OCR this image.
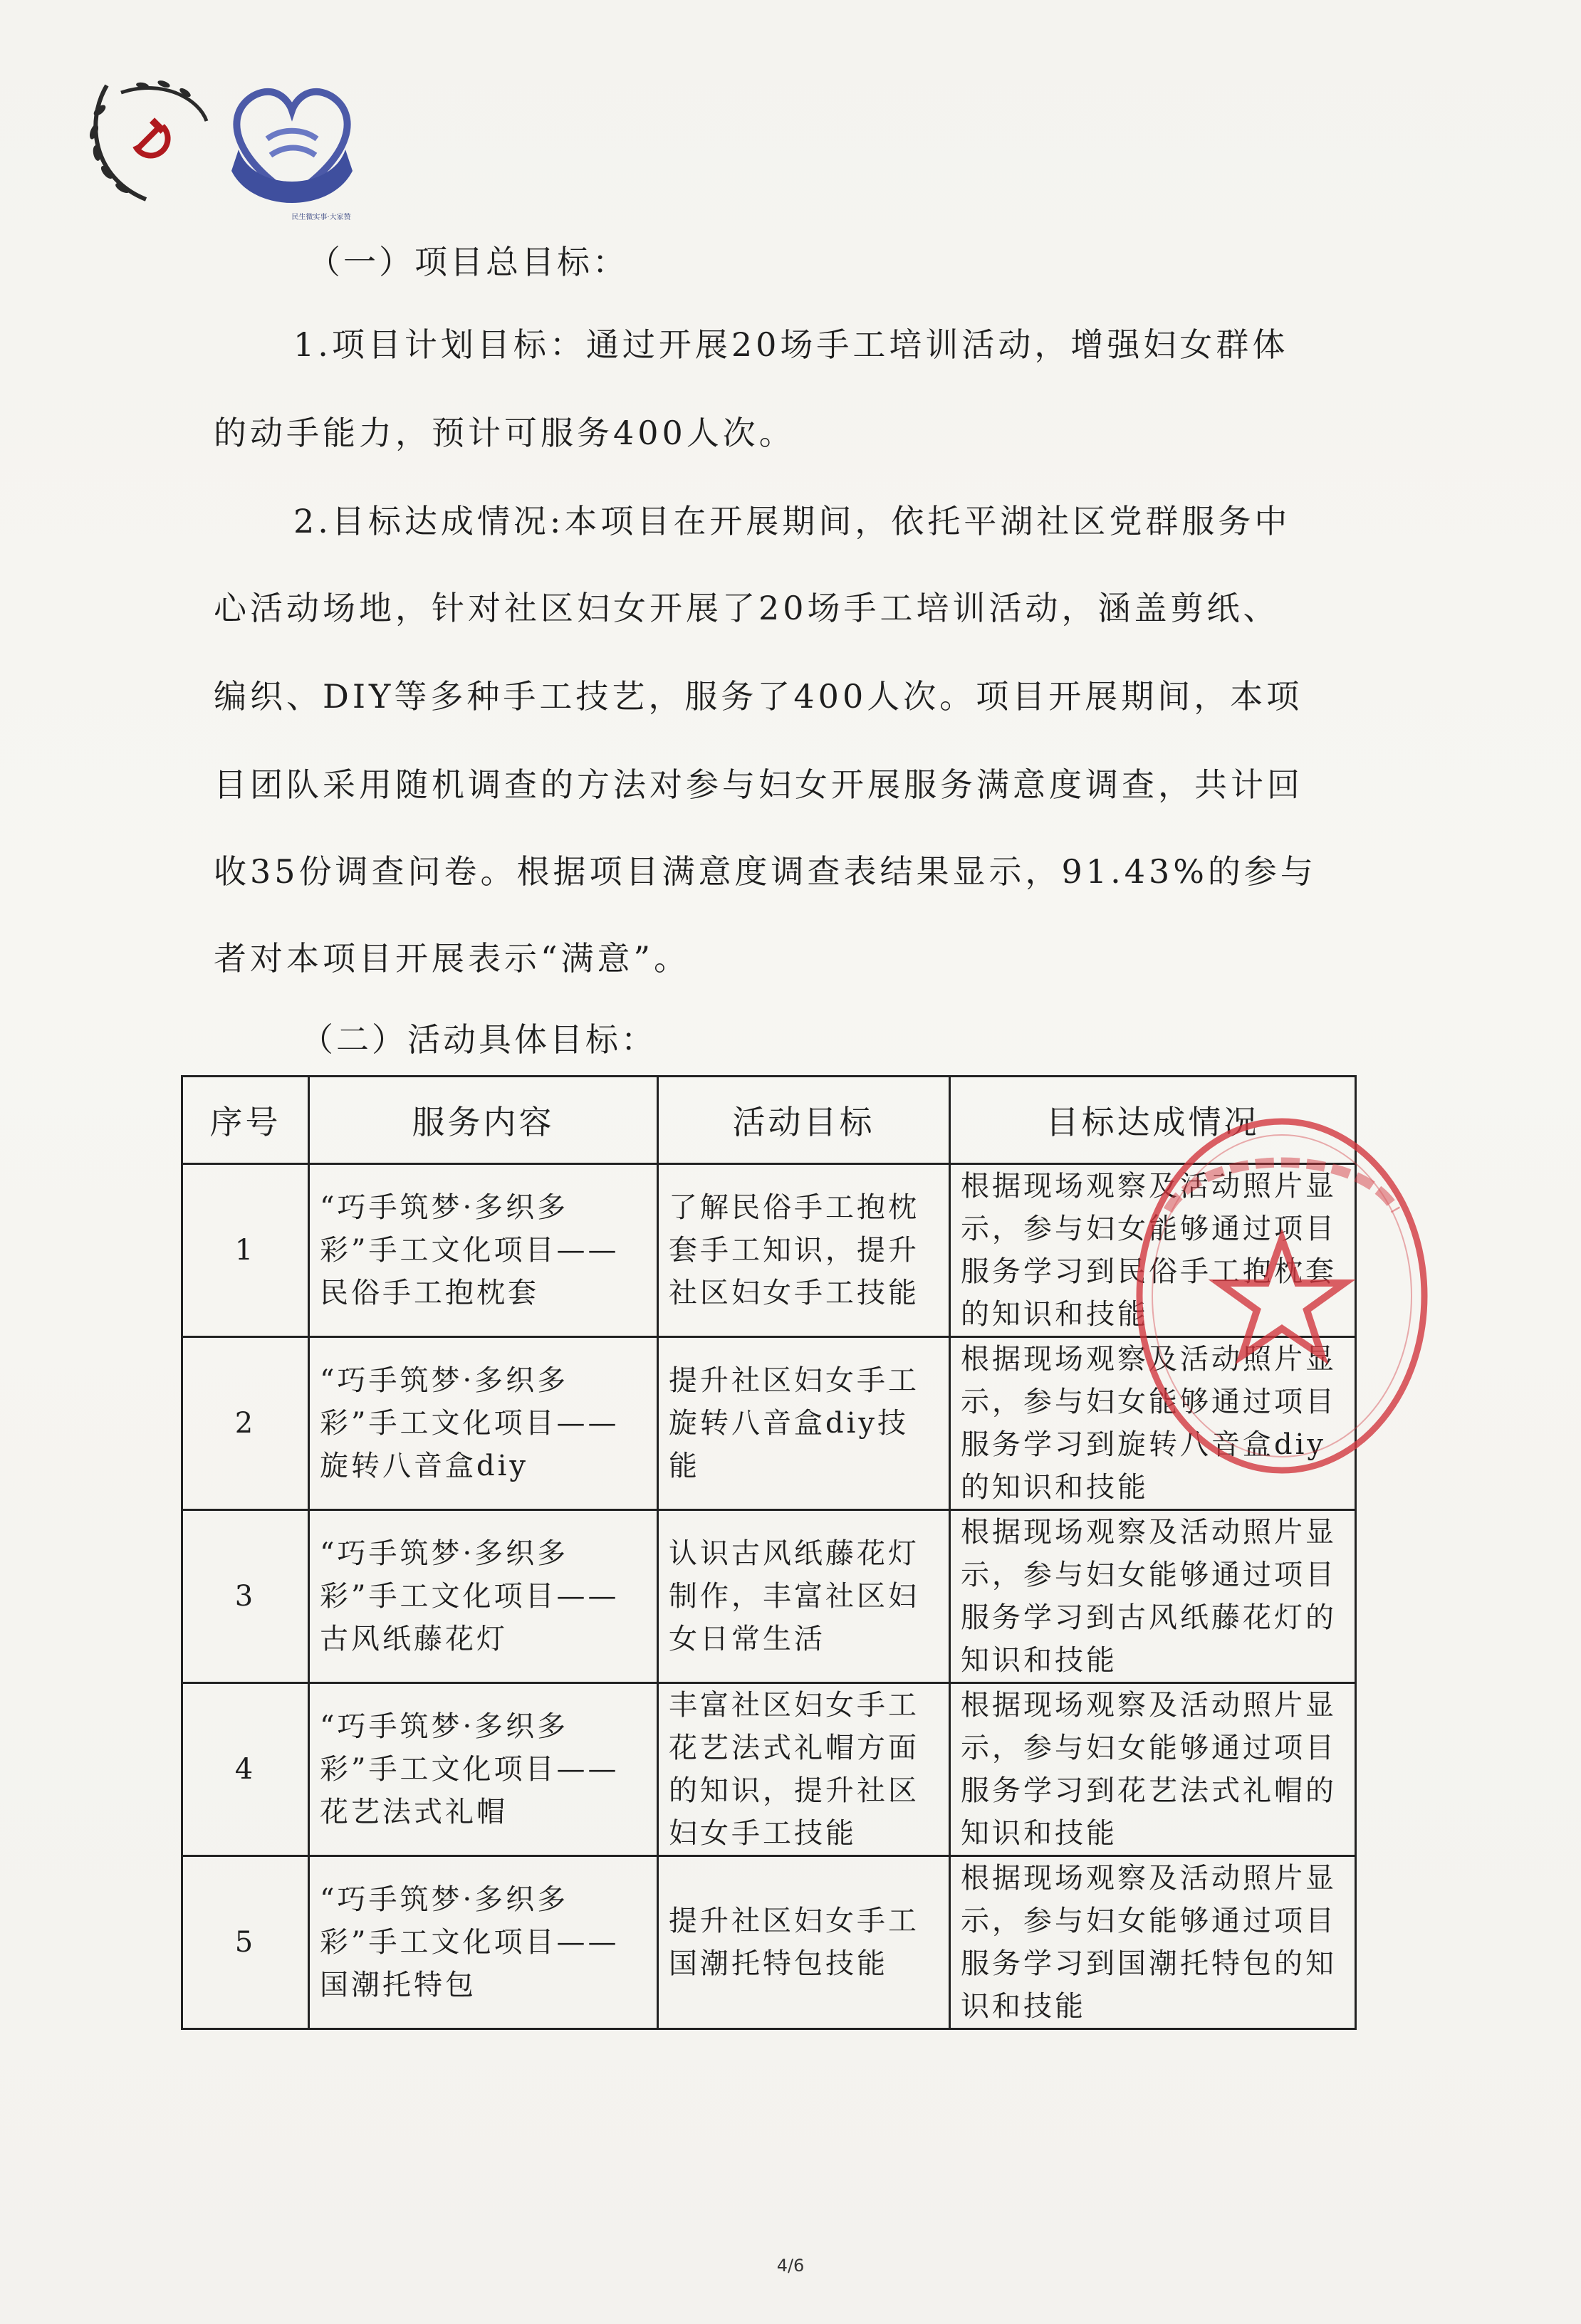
民生微实事·大家赞
（一）项目总目标：
1.项目计划目标：通过开展20场手工培训活动，增强妇女群体
的动手能力，预计可服务400人次。
2.目标达成情况:本项目在开展期间，依托平湖社区党群服务中
心活动场地，针对社区妇女开展了20场手工培训活动，涵盖剪纸、
编织、DIY等多种手工技艺，服务了400人次。项目开展期间，本项
目团队采用随机调查的方法对参与妇女开展服务满意度调查，共计回
收35份调查问卷。根据项目满意度调查表结果显示，91.43%的参与
者对本项目开展表示“满意”。
（二）活动具体目标：
序号	服务内容	活动目标	目标达成情况
1	“巧手筑梦·多织多彩”手工文化项目——民俗手工抱枕套	了解民俗手工抱枕套手工知识，提升社区妇女手工技能	根据现场观察及活动照片显示，参与妇女能够通过项目服务学习到民俗手工抱枕套的知识和技能
2	“巧手筑梦·多织多彩”手工文化项目——旋转八音盒diy	提升社区妇女手工旋转八音盒diy技能	根据现场观察及活动照片显示，参与妇女能够通过项目服务学习到旋转八音盒diy的知识和技能
3	“巧手筑梦·多织多彩”手工文化项目——古风纸藤花灯	认识古风纸藤花灯制作，丰富社区妇女日常生活	根据现场观察及活动照片显示，参与妇女能够通过项目服务学习到古风纸藤花灯的知识和技能
4	“巧手筑梦·多织多彩”手工文化项目——花艺法式礼帽	丰富社区妇女手工花艺法式礼帽方面的知识，提升社区妇女手工技能	根据现场观察及活动照片显示，参与妇女能够通过项目服务学习到花艺法式礼帽的知识和技能
5	“巧手筑梦·多织多彩”手工文化项目——国潮托特包	提升社区妇女手工国潮托特包技能	根据现场观察及活动照片显示，参与妇女能够通过项目服务学习到国潮托特包的知识和技能
4/6
